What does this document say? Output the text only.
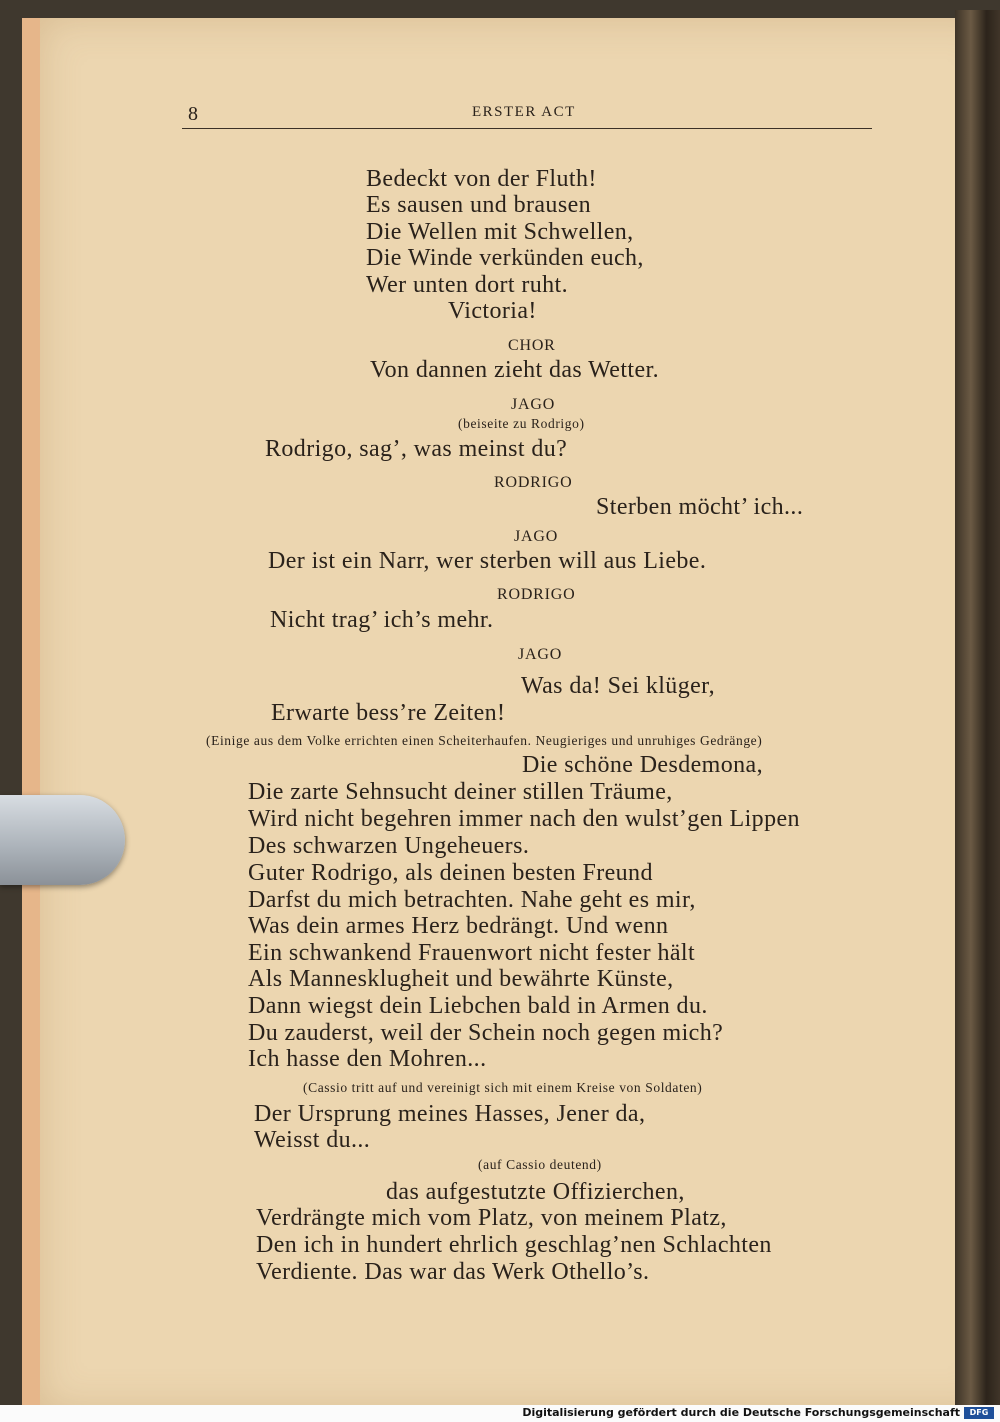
8	ERSTER ACT
Bedeckt von der Fluth!
Es sausen und brausen
Die Wellen mit Schwellen,
Die Winde verkünden euch,
Wer unten dort ruht.
Victoria!
CHOR
Von dannen zieht das Wetter.
JAGO
(beiseite zu Rodrigo)
Rodrigo, sag’, was meinst du?
RODRIGO
Sterben möcht’ ich...
JAGO
Der ist ein Narr, wer sterben will aus Liebe.
RODRIGO
Nicht trag’ ich’s mehr.
JAGO
Was da! Sei klüger,
Erwarte bess’re Zeiten!
(Einige aus dem Volke errichten einen Scheiterhaufen. Neugieriges und unruhiges Gedränge)
Die schöne Desdemona,
Die zarte Sehnsucht deiner stillen Träume,
Wird nicht begehren immer nach den wulst’gen Lippen
Des schwarzen Ungeheuers.
Guter Rodrigo, als deinen besten Freund
Darfst du mich betrachten. Nahe geht es mir,
Was dein armes Herz bedrängt. Und wenn
Ein schwankend Frauenwort nicht fester hält
Als Mannesklugheit und bewährte Künste,
Dann wiegst dein Liebchen bald in Armen du.
Du zauderst, weil der Schein noch gegen mich?
Ich hasse den Mohren...
(Cassio tritt auf und vereinigt sich mit einem Kreise von Soldaten)
Der Ursprung meines Hasses, Jener da,
Weisst du...
(auf Cassio deutend)
das aufgestutzte Offizierchen,
Verdrängte mich vom Platz, von meinem Platz,
Den ich in hundert ehrlich geschlag’nen Schlachten
Verdiente. Das war das Werk Othello’s.
Digitalisierung gefördert durch die Deutsche Forschungsgemeinschaft	DFG
